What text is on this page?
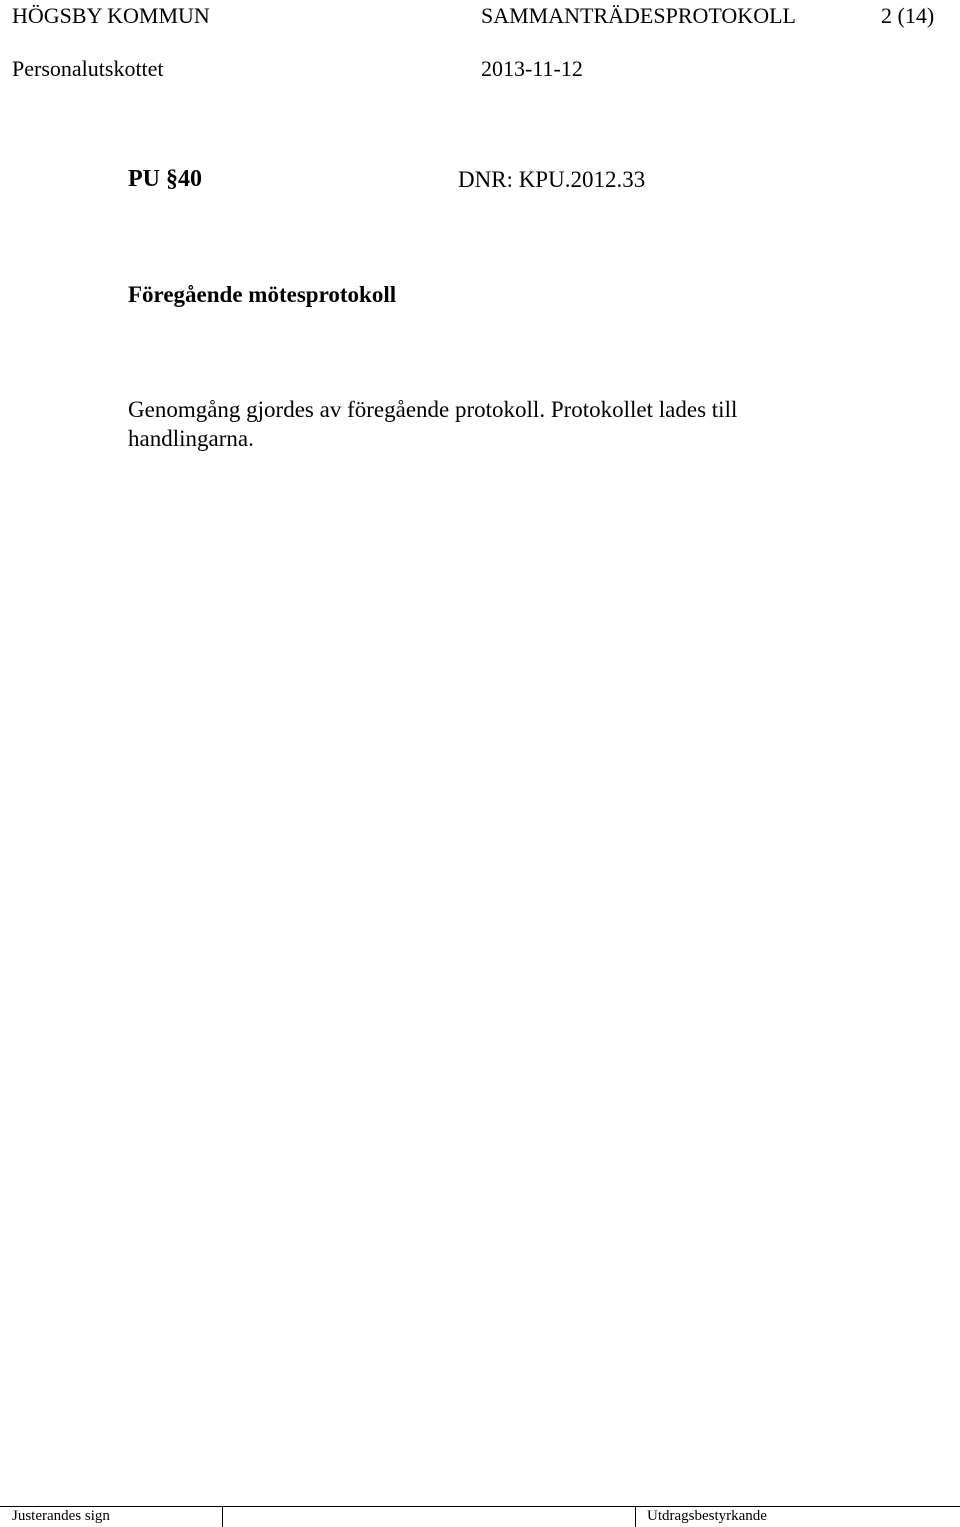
HÖGSBY KOMMUN	SAMMANTRÄDESPROTOKOLL	2 (14)
Personalutskottet	2013-11-12
PU §40	DNR: KPU.2012.33
Föregående mötesprotokoll

Genomgång gjordes av föregående protokoll. Protokollet lades till handlingarna.

Justerandes sign	Utdragsbestyrkande
